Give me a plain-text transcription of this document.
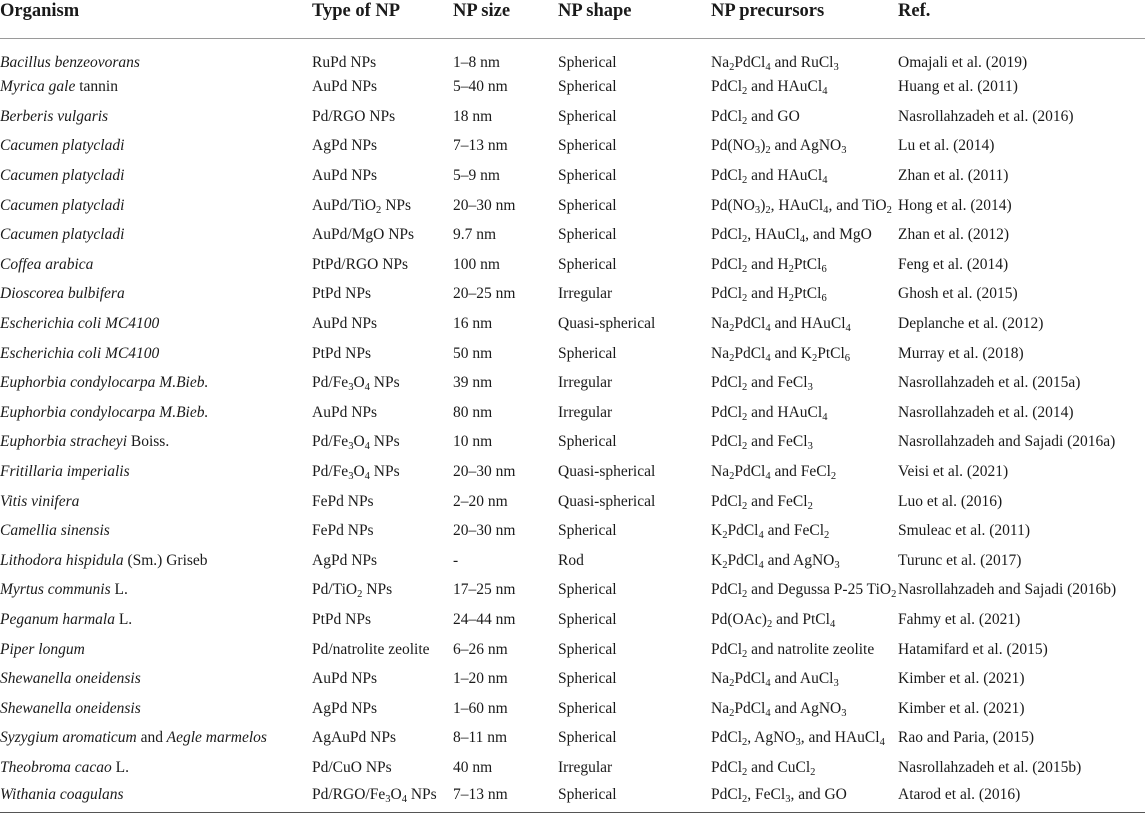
Organism	Type of NP	NP size	NP shape	NP precursors	Ref.
Bacillus benzeovorans	RuPd NPs	1–8 nm	Spherical	$Na_2PdCl_4$ and RuCl$_3$	Omajali et al. (2019)
Myrica gale tannin	AuPd NPs	5–40 nm	Spherical	PdCl$_2$ and HAuCl$_4$	Huang et al. (2011)
Berberis vulgaris	Pd/RGO NPs	18 nm	Spherical	PdCl$_2$ and GO	Nasrollahzadeh et al. (2016)
Cacumen platycladi	AgPd NPs	7–13 nm	Spherical	$Pd(NO_3)_2$ and AgNO$_3$	Lu et al. (2014)
Cacumen platycladi	AuPd NPs	5–9 nm	Spherical	PdCl$_2$ and HAuCl$_4$	Zhan et al. (2011)
Cacumen platycladi	AuPd/TiO$_2$ NPs	20–30 nm	Spherical	$Pd(NO_3)_2$, HAuCl$_4$, and TiO$_2$	Hong et al. (2014)
Cacumen platycladi	AuPd/MgO NPs	9.7 nm	Spherical	PdCl$_2$, HAuCl$_4$, and MgO	Zhan et al. (2012)
Coffea arabica	PtPd/RGO NPs	100 nm	Spherical	PdCl$_2$ and $H_2PtCl_6$	Feng et al. (2014)
Dioscorea bulbifera	PtPd NPs	20–25 nm	Irregular	PdCl$_2$ and $H_2PtCl_6$	Ghosh et al. (2015)
Escherichia coli MC4100	AuPd NPs	16 nm	Quasi-spherical	$Na_2PdCl_4$ and HAuCl$_4$	Deplanche et al. (2012)
Escherichia coli MC4100	PtPd NPs	50 nm	Spherical	$Na_2PdCl_4$ and $K_2PtCl_6$	Murray et al. (2018)
Euphorbia condylocarpa M.Bieb.	$Pd/Fe_3O_4$ NPs	39 nm	Irregular	PdCl$_2$ and FeCl$_3$	Nasrollahzadeh et al. (2015a)
Euphorbia condylocarpa M.Bieb.	AuPd NPs	80 nm	Irregular	PdCl$_2$ and HAuCl$_4$	Nasrollahzadeh et al. (2014)
Euphorbia stracheyi Boiss.	$Pd/Fe_3O_4$ NPs	10 nm	Spherical	PdCl$_2$ and FeCl$_3$	Nasrollahzadeh and Sajadi (2016a)
Fritillaria imperialis	$Pd/Fe_3O_4$ NPs	20–30 nm	Quasi-spherical	$Na_2PdCl_4$ and FeCl$_2$	Veisi et al. (2021)
Vitis vinifera	FePd NPs	2–20 nm	Quasi-spherical	PdCl$_2$ and FeCl$_2$	Luo et al. (2016)
Camellia sinensis	FePd NPs	20–30 nm	Spherical	$K_2PdCl_4$ and FeCl$_2$	Smuleac et al. (2011)
Lithodora hispidula (Sm.) Griseb	AgPd NPs	-	Rod	$K_2PdCl_4$ and AgNO$_3$	Turunc et al. (2017)
Myrtus communis L.	Pd/TiO$_2$ NPs	17–25 nm	Spherical	PdCl$_2$ and Degussa P-25 TiO$_2$	Nasrollahzadeh and Sajadi (2016b)
Peganum harmala L.	PtPd NPs	24–44 nm	Spherical	$Pd(OAc)_2$ and PtCl$_4$	Fahmy et al. (2021)
Piper longum	Pd/natrolite zeolite	6–26 nm	Spherical	PdCl$_2$ and natrolite zeolite	Hatamifard et al. (2015)
Shewanella oneidensis	AuPd NPs	1–20 nm	Spherical	$Na_2PdCl_4$ and AuCl$_3$	Kimber et al. (2021)
Shewanella oneidensis	AgPd NPs	1–60 nm	Spherical	$Na_2PdCl_4$ and AgNO$_3$	Kimber et al. (2021)
Syzygium aromaticum and Aegle marmelos	AgAuPd NPs	8–11 nm	Spherical	PdCl$_2$, AgNO$_3$, and HAuCl$_4$	Rao and Paria, (2015)
Theobroma cacao L.	Pd/CuO NPs	40 nm	Irregular	PdCl$_2$ and CuCl$_2$	Nasrollahzadeh et al. (2015b)
Withania coagulans	$Pd/RGO/Fe_3O_4$ NPs	7–13 nm	Spherical	PdCl$_2$, FeCl$_3$, and GO	Atarod et al. (2016)
